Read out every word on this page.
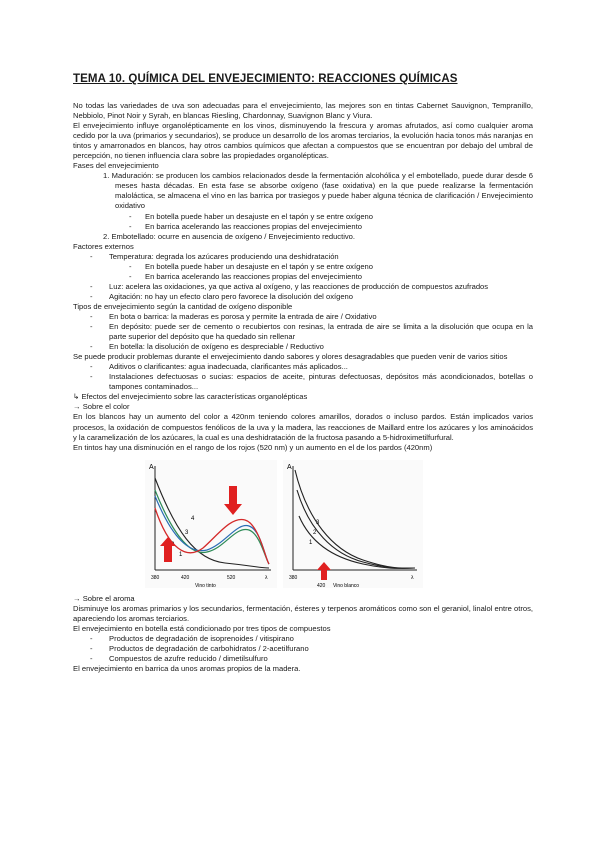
TEMA 10. QUÍMICA DEL ENVEJECIMIENTO: REACCIONES QUÍMICAS

No todas las variedades de uva son adecuadas para el envejecimiento, las mejores son en tintas Cabernet Sauvignon, Tempranillo, Nebbiolo, Pinot Noir y Syrah, en blancas Riesling, Chardonnay, Suavignon Blanc y Viura.

El envejecimiento influye organolépticamente en los vinos, disminuyendo la frescura y aromas afrutados, así como cualquier aroma cedido por la uva (primarios y secundarios), se produce un desarrollo de los aromas terciarios, la evolución hacia tonos más naranjas en tintos y amarronados en blancos, hay otros cambios químicos que afectan a compuestos que se encuentran por debajo del umbral de percepción, no tienen influencia clara sobre las propiedades organolépticas.

Fases del envejecimiento

1. Maduración: se producen los cambios relacionados desde la fermentación alcohólica y el embotellado, puede durar desde 6 meses hasta décadas. En esta fase se absorbe oxígeno (fase oxidativa) en la que puede realizarse la fermentación maloláctica, se almacena el vino en las barrica por trasiegos y puede haber alguna técnica de clarificación / Envejecimiento oxidativo

- En botella puede haber un desajuste en el tapón y se entre oxígeno

- En barrica acelerando las reacciones propias del envejecimiento

2. Embotellado: ocurre en ausencia de oxígeno / Envejecimiento reductivo.

Factores externos

- Temperatura: degrada los azúcares produciendo una deshidratación

- En botella puede haber un desajuste en el tapón y se entre oxígeno

- En barrica acelerando las reacciones propias del envejecimiento

- Luz: acelera las oxidaciones, ya que activa al oxígeno, y las reacciones de producción de compuestos azufrados

- Agitación: no hay un efecto claro pero favorece la disolución del oxígeno

Tipos de envejecimiento según la cantidad de oxígeno disponible

- En bota o barrica: la maderas es porosa y permite la entrada de aire / Oxidativo

- En depósito: puede ser de cemento o recubiertos con resinas, la entrada de aire se limita a la disolución que ocupa en la parte superior del depósito que ha quedado sin rellenar

- En botella: la disolución de oxígeno es despreciable / Reductivo

Se puede producir problemas durante el envejecimiento dando sabores y olores desagradables que pueden venir de varios sitios

- Aditivos o clarificantes: agua inadecuada, clarificantes más aplicados...

- Instalaciones defectuosas o sucias: espacios de aceite, pinturas defectuosas, depósitos más acondicionados, botellas o tampones contaminados...

↳ Efectos del envejecimiento sobre las características organolépticas

→ Sobre el color

En los blancos hay un aumento del color a 420nm teniendo colores amarillos, dorados o incluso pardos. Están implicados varios procesos, la oxidación de compuestos fenólicos de la uva y la madera, las reacciones de Maillard entre los azúcares y los aminoácidos y la caramelización de los azúcares, la cual es una deshidratación de la fructosa pasando a 5-hidroximetilfurfural.

En tintos hay una disminución en el rango de los rojos (520 nm) y un aumento en el de los pardos (420nm)

A
4
3
1
380	420	520	λ
Vino tinto
A
3
2
1
380
420
λ
Vino blanco

→ Sobre el aroma

Disminuye los aromas primarios y los secundarios, fermentación, ésteres y terpenos aromáticos como son el geraniol, linalol entre otros, apareciendo los aromas terciarios.

El envejecimiento en botella está condicionado por tres tipos de compuestos

- Productos de degradación de isoprenoides / vitispirano

- Productos de degradación de carbohidratos / 2-acetilfurano

- Compuestos de azufre reducido / dimetilsulfuro

El envejecimiento en barrica da unos aromas propios de la madera.
